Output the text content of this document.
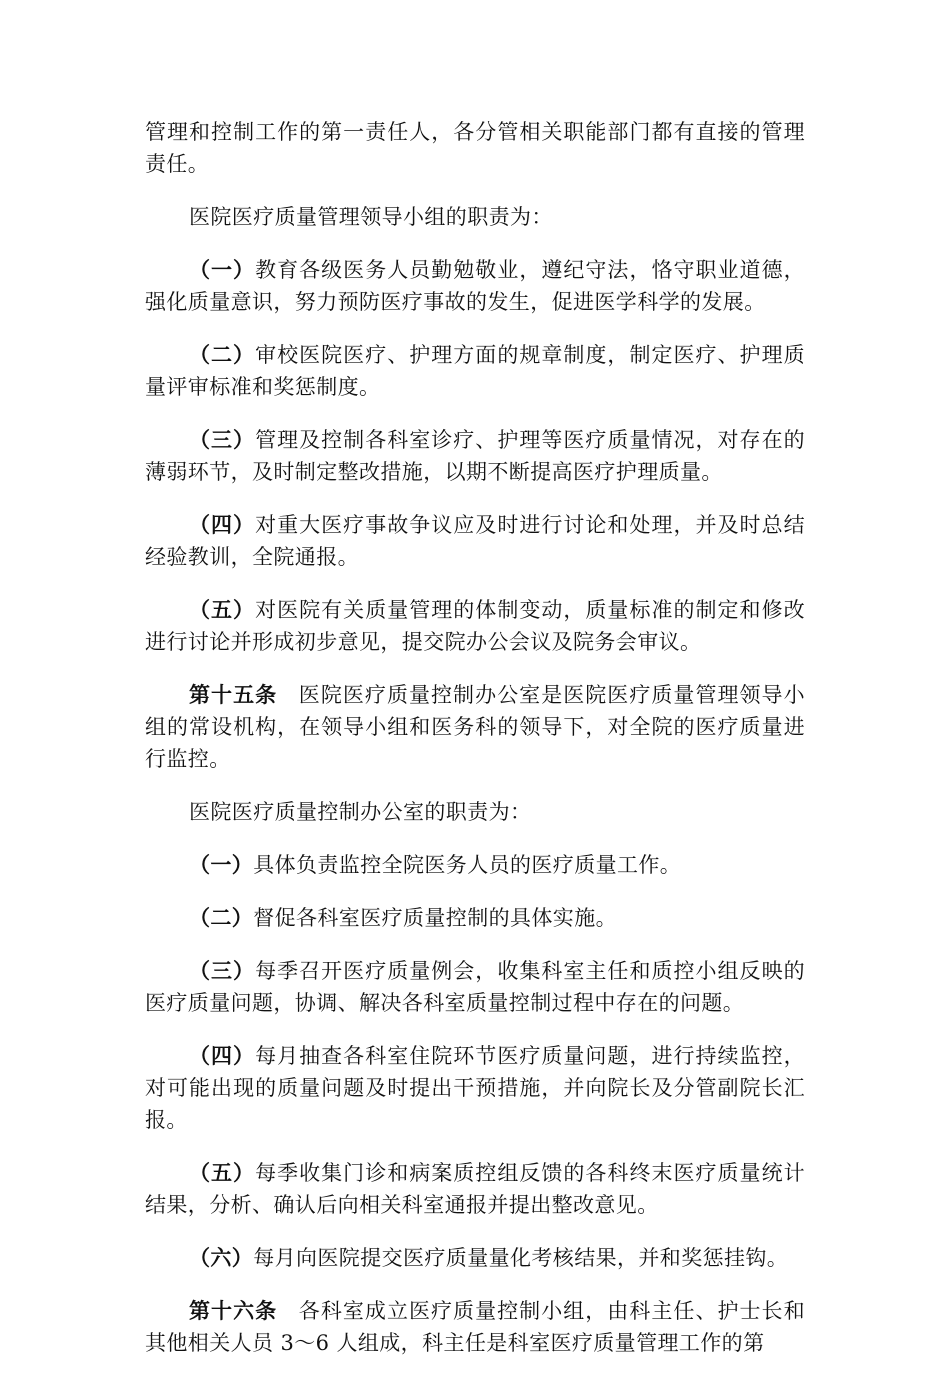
管理和控制工作的第一责任人，各分管相关职能部门都有直接的管理责任。

医院医疗质量管理领导小组的职责为：

（一）教育各级医务人员勤勉敬业，遵纪守法，恪守职业道德，强化质量意识，努力预防医疗事故的发生，促进医学科学的发展。

（二）审校医院医疗、护理方面的规章制度，制定医疗、护理质量评审标准和奖惩制度。

（三）管理及控制各科室诊疗、护理等医疗质量情况，对存在的薄弱环节，及时制定整改措施，以期不断提高医疗护理质量。

（四）对重大医疗事故争议应及时进行讨论和处理，并及时总结经验教训，全院通报。

（五）对医院有关质量管理的体制变动，质量标准的制定和修改进行讨论并形成初步意见，提交院办公会议及院务会审议。

第十五条 医院医疗质量控制办公室是医院医疗质量管理领导小组的常设机构，在领导小组和医务科的领导下，对全院的医疗质量进行监控。

医院医疗质量控制办公室的职责为：

（一）具体负责监控全院医务人员的医疗质量工作。

（二）督促各科室医疗质量控制的具体实施。

（三）每季召开医疗质量例会，收集科室主任和质控小组反映的医疗质量问题，协调、解决各科室质量控制过程中存在的问题。

（四）每月抽查各科室住院环节医疗质量问题，进行持续监控，对可能出现的质量问题及时提出干预措施，并向院长及分管副院长汇报。

（五）每季收集门诊和病案质控组反馈的各科终末医疗质量统计结果，分析、确认后向相关科室通报并提出整改意见。

（六）每月向医院提交医疗质量量化考核结果，并和奖惩挂钩。

第十六条 各科室成立医疗质量控制小组，由科主任、护士长和其他相关人员 3～6 人组成，科主任是科室医疗质量管理工作的第
